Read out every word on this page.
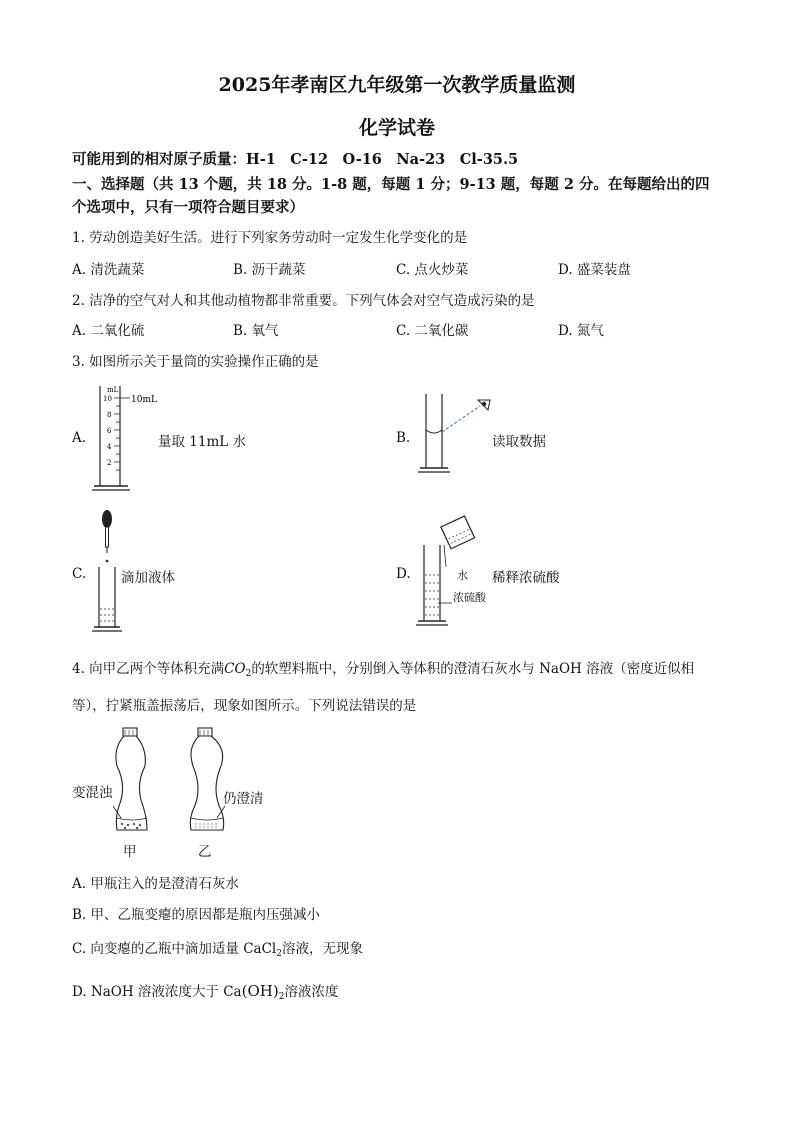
2025年孝南区九年级第一次教学质量监测
化学试卷
可能用到的相对原子质量：H-1　C-12　O-16　Na-23　Cl-35.5
一、选择题（共 13 个题，共 18 分。1-8 题，每题 1 分；9-13 题，每题 2 分。在每题给出的四
个选项中，只有一项符合题目要求）
1. 劳动创造美好生活。进行下列家务劳动时一定发生化学变化的是
A. 清洗蔬菜	B. 沥干蔬菜	C. 点火炒菜	D. 盛菜装盘
2. 洁净的空气对人和其他动植物都非常重要。下列气体会对空气造成污染的是
A. 二氧化硫	B. 氧气	C. 二氧化碳	D. 氮气
3. 如图所示关于量筒的实验操作正确的是
A.
mL
10
8
6
4
2
10mL
量取 11mL 水	B.	读取数据
C.	滴加液体	D.	水
浓硫酸
稀释浓硫酸
4. 向甲乙两个等体积充满$CO_2$的软塑料瓶中，分别倒入等体积的澄清石灰水与 NaOH 溶液（密度近似相
等），拧紧瓶盖振荡后，现象如图所示。下列说法错误的是
变混浊	仍澄清
甲	乙
A. 甲瓶注入的是澄清石灰水
B. 甲、乙瓶变瘪的原因都是瓶内压强减小
C. 向变瘪的乙瓶中滴加适量 CaCl$_2$溶液，无现象
D. NaOH 溶液浓度大于 $Ca(OH)_2$溶液浓度
